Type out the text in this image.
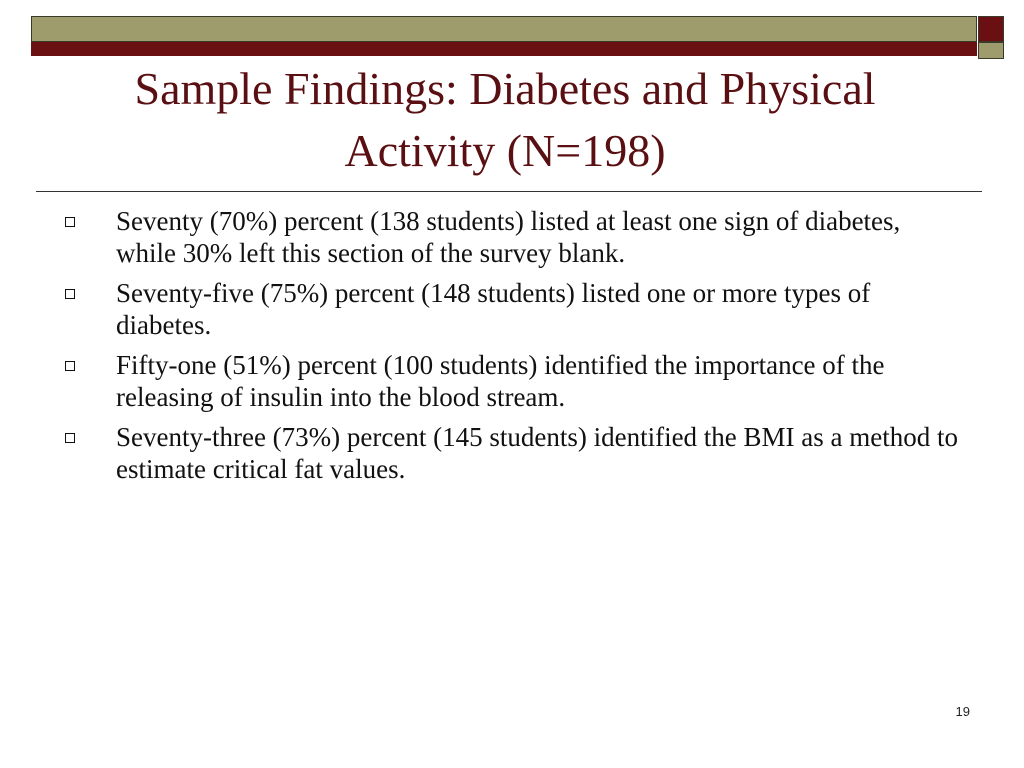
Sample Findings: Diabetes and Physical Activity (N=198)
Seventy (70%) percent (138 students) listed at least one sign of diabetes, while 30% left this section of the survey blank.
Seventy-five (75%) percent (148 students) listed one or more types of diabetes.
Fifty-one (51%) percent (100 students) identified the importance of the releasing of insulin into the blood stream.
Seventy-three (73%) percent (145 students) identified the BMI as a method to estimate critical fat values.
19
